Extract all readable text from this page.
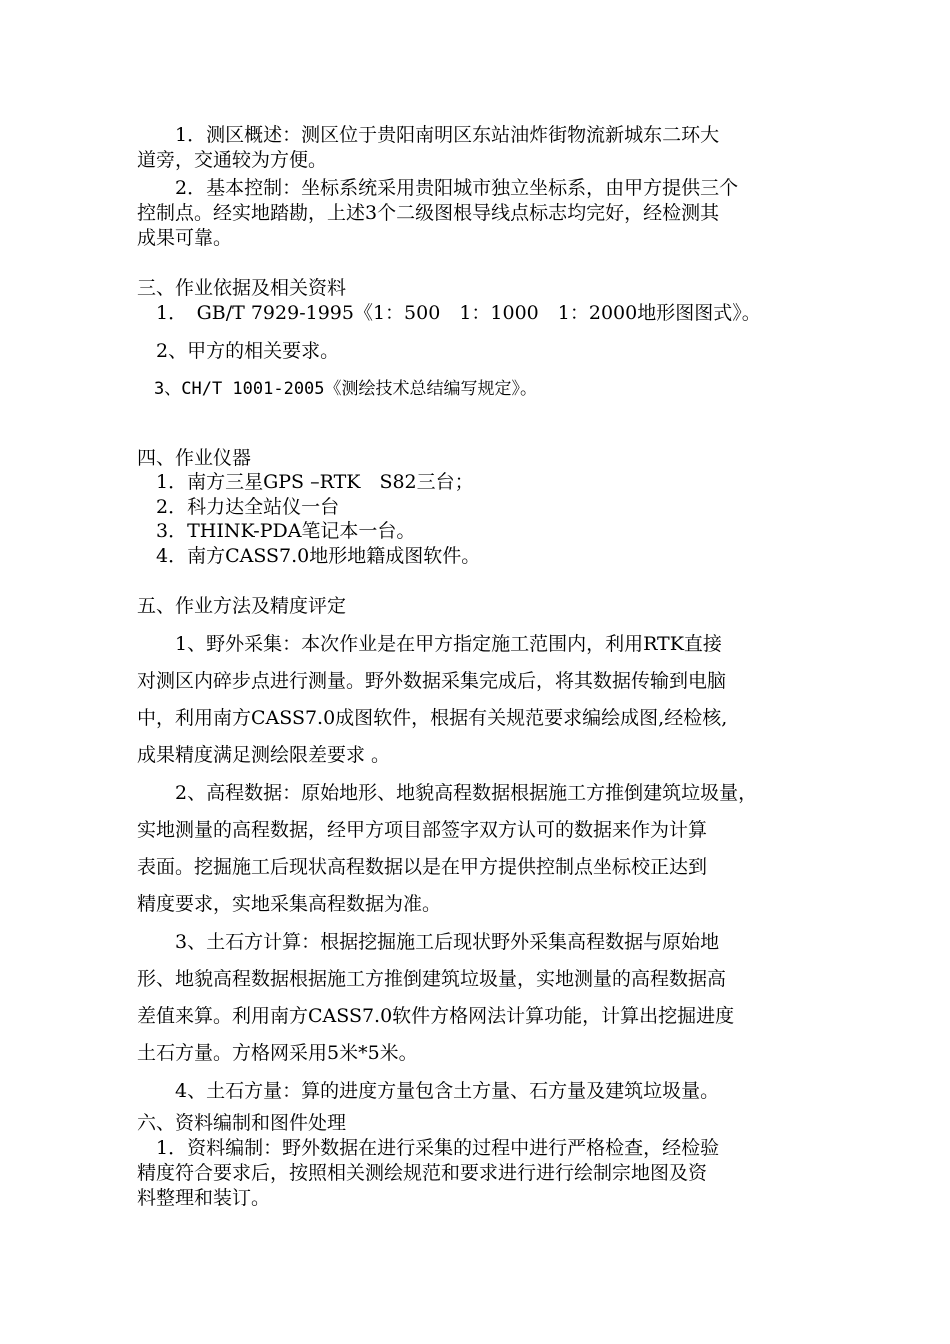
　　1．测区概述：测区位于贵阳南明区东站油炸街物流新城东二环大
道旁，交通较为方便。
　　2．基本控制：坐标系统采用贵阳城市独立坐标系，由甲方提供三个
控制点。经实地踏勘，上述3个二级图根导线点标志均完好，经检测其
成果可靠。
三、作业依据及相关资料
　1．　GB/T 7929-1995《1：500　1：1000　1：2000地形图图式》。
　2、甲方的相关要求。
　3、CH/T 1001-2005《测绘技术总结编写规定》。
四、作业仪器
　1．南方三星GPS –RTK　S82三台；
　2．科力达全站仪一台
　3．THINK-PDA笔记本一台。
　4．南方CASS7.0地形地籍成图软件。
五、作业方法及精度评定
　　1、野外采集：本次作业是在甲方指定施工范围内，利用RTK直接
对测区内碎步点进行测量。野外数据采集完成后，将其数据传输到电脑
中，利用南方CASS7.0成图软件，根据有关规范要求编绘成图,经检核,
成果精度满足测绘限差要求 。
　　2、高程数据：原始地形、地貌高程数据根据施工方推倒建筑垃圾量，
实地测量的高程数据，经甲方项目部签字双方认可的数据来作为计算
表面。挖掘施工后现状高程数据以是在甲方提供控制点坐标校正达到
精度要求，实地采集高程数据为准。
　　3、土石方计算：根据挖掘施工后现状野外采集高程数据与原始地
形、地貌高程数据根据施工方推倒建筑垃圾量，实地测量的高程数据高
差值来算。利用南方CASS7.0软件方格网法计算功能，计算出挖掘进度
土石方量。方格网采用5米*5米。
　　4、土石方量：算的进度方量包含土方量、石方量及建筑垃圾量。
六、资料编制和图件处理
　1．资料编制：野外数据在进行采集的过程中进行严格检查，经检验
精度符合要求后，按照相关测绘规范和要求进行进行绘制宗地图及资
料整理和装订。
